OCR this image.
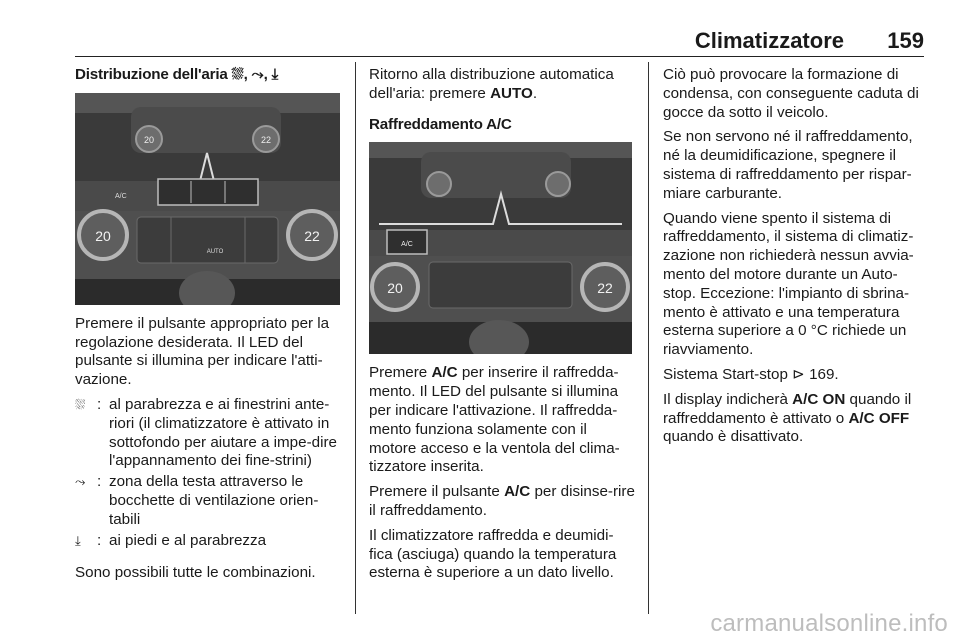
Climatizzatore 159
Distribuzione dell'aria ⛆, ⤳, ⤓
20	22
A/C
20	22
AUTO

Premere il pulsante appropriato per la regolazione desiderata. Il LED del pulsante si illumina per indicare l'atti-vazione.

⛆ : al parabrezza e ai finestrini ante-riori (il climatizzatore è attivato in sottofondo per aiutare a impe-dire l'appannamento dei fine-strini)
⤳ : zona della testa attraverso le bocchette di ventilazione orien-tabili
⤓	: ai piedi e al parabrezza

Sono possibili tutte le combinazioni.

Ritorno alla distribuzione automatica dell'aria: premere AUTO.

Raffreddamento A/C
A/C
20	22

Premere A/C per inserire il raffredda-mento. Il LED del pulsante si illumina per indicare l'attivazione. Il raffredda-mento funziona solamente con il motore acceso e la ventola del clima-tizzatore inserita.

Premere il pulsante A/C per disinse-rire il raffreddamento.

Il climatizzatore raffredda e deumidi-fica (asciuga) quando la temperatura esterna è superiore a un dato livello.

Ciò può provocare la formazione di condensa, con conseguente caduta di gocce da sotto il veicolo.

Se non servono né il raffreddamento, né la deumidificazione, spegnere il sistema di raffreddamento per rispar-miare carburante.

Quando viene spento il sistema di raffreddamento, il sistema di climatiz-zazione non richiederà nessun avvia-mento del motore durante un Auto-stop. Eccezione: l'impianto di sbrina-mento è attivato e una temperatura esterna superiore a 0 °C richiede un riavviamento.

Sistema Start-stop ⊳ 169.

Il display indicherà A/C ON quando il raffreddamento è attivato o A/C OFF quando è disattivato.

carmanualsonline.info
